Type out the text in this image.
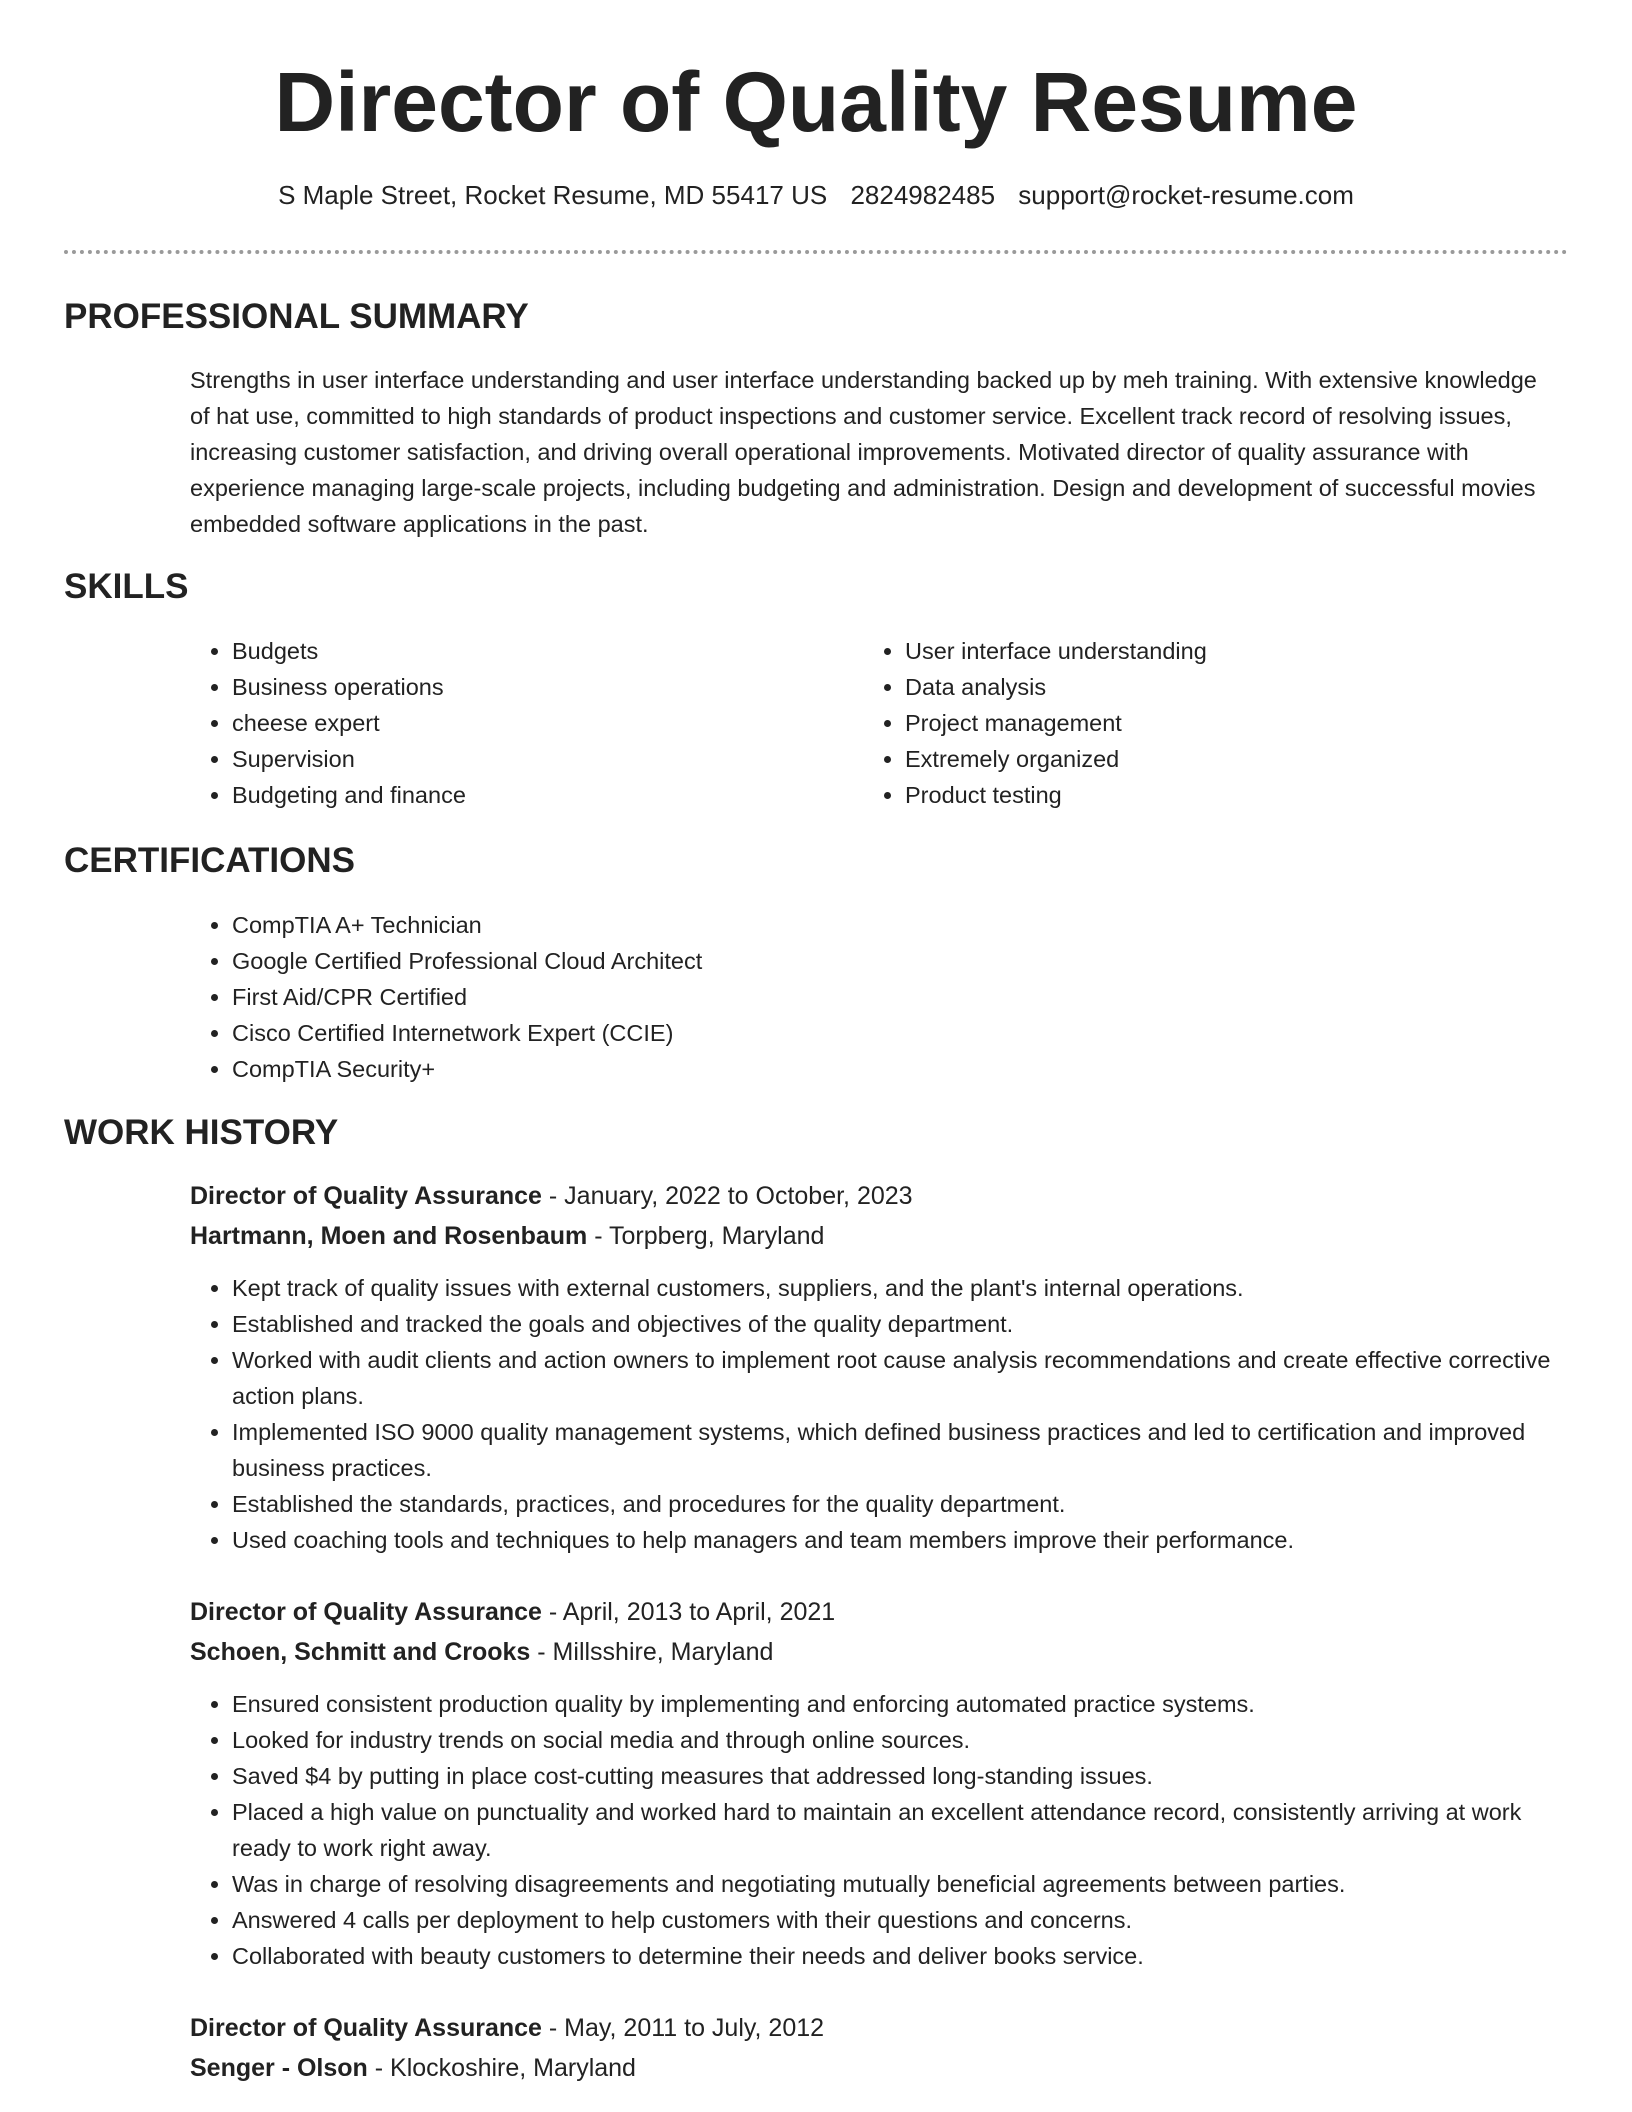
Director of Quality Resume
S Maple Street, Rocket Resume, MD 55417 US 2824982485 support@rocket-resume.com
PROFESSIONAL SUMMARY

Strengths in user interface understanding and user interface understanding backed up by meh training. With extensive knowledge of hat use, committed to high standards of product inspections and customer service. Excellent track record of resolving issues, increasing customer satisfaction, and driving overall operational improvements. Motivated director of quality assurance with experience managing large-scale projects, including budgeting and administration. Design and development of successful movies embedded software applications in the past.

SKILLS
• Budgets
• Business operations
• cheese expert
• Supervision
• Budgeting and finance
• User interface understanding
• Data analysis
• Project management
• Extremely organized
• Product testing
CERTIFICATIONS
• CompTIA A+ Technician
• Google Certified Professional Cloud Architect
• First Aid/CPR Certified
• Cisco Certified Internetwork Expert (CCIE)
• CompTIA Security+
WORK HISTORY
Director of Quality Assurance - January, 2022 to October, 2023
Hartmann, Moen and Rosenbaum - Torpberg, Maryland
• Kept track of quality issues with external customers, suppliers, and the plant's internal operations.
• Established and tracked the goals and objectives of the quality department.
• Worked with audit clients and action owners to implement root cause analysis recommendations and create effective corrective action plans.
• Implemented ISO 9000 quality management systems, which defined business practices and led to certification and improved business practices.
• Established the standards, practices, and procedures for the quality department.
• Used coaching tools and techniques to help managers and team members improve their performance.
Director of Quality Assurance - April, 2013 to April, 2021
Schoen, Schmitt and Crooks - Millsshire, Maryland
• Ensured consistent production quality by implementing and enforcing automated practice systems.
• Looked for industry trends on social media and through online sources.
• Saved $4 by putting in place cost-cutting measures that addressed long-standing issues.
• Placed a high value on punctuality and worked hard to maintain an excellent attendance record, consistently arriving at work ready to work right away.
• Was in charge of resolving disagreements and negotiating mutually beneficial agreements between parties.
• Answered 4 calls per deployment to help customers with their questions and concerns.
• Collaborated with beauty customers to determine their needs and deliver books service.
Director of Quality Assurance - May, 2011 to July, 2012
Senger - Olson - Klockoshire, Maryland
